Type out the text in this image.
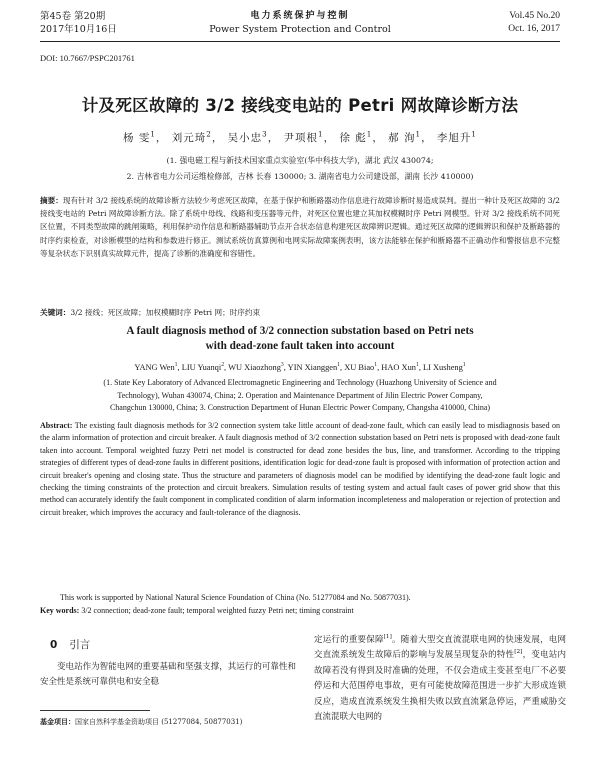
第45卷 第20期
2017年10月16日
电力系统保护与控制
Power System Protection and Control
Vol.45 No.20
Oct. 16, 2017
DOI: 10.7667/PSPC201761
计及死区故障的 3/2 接线变电站的 Petri 网故障诊断方法
杨 雯$^1$， 刘元琦$^2$， 吴小忠$^3$， 尹项根$^1$， 徐 彪$^1$， 郝 洵$^1$， 李旭升$^1$
(1. 强电磁工程与新技术国家重点实验室(华中科技大学)，湖北 武汉 430074;
2. 吉林省电力公司运维检修部，吉林 长春 130000; 3. 湖南省电力公司建设部，湖南 长沙 410000)
摘要：现有针对 3/2 接线系统的故障诊断方法较少考虑死区故障，在基于保护和断路器动作信息进行故障诊断时易造成误判。提出一种计及死区故障的 3/2 接线变电站的 Petri 网故障诊断方法。除了系统中母线、线路和变压器等元件，对死区位置也建立其加权模糊时序 Petri 网模型。针对 3/2 接线系统不同死区位置，不同类型故障的跳闸策略，利用保护动作信息和断路器辅助节点开合状态信息构建死区故障辨识逻辑。通过死区故障的逻辑辨识和保护及断路器的时序约束检查，对诊断模型的结构和参数进行修正。测试系统仿真算例和电网实际故障案例表明，该方法能够在保护和断路器不正确动作和警报信息不完整等复杂状态下识别真实故障元件，提高了诊断的准确度和容错性。
关键词：3/2 接线；死区故障；加权模糊时序 Petri 网；时序约束
A fault diagnosis method of 3/2 connection substation based on Petri nets
with dead-zone fault taken into account
YANG Wen$^1$, LIU Yuanqi$^2$, WU Xiaozhong$^3$, YIN Xianggen$^1$, XU Biao$^1$, HAO Xun$^1$, LI Xusheng$^1$
(1. State Key Laboratory of Advanced Electromagnetic Engineering and Technology (Huazhong University of Science and
Technology), Wuhan 430074, China; 2. Operation and Maintenance Department of Jilin Electric Power Company,
Changchun 130000, China; 3. Construction Department of Hunan Electric Power Company, Changsha 410000, China)
Abstract: The existing fault diagnosis methods for 3/2 connection system take little account of dead-zone fault, which can easily lead to misdiagnosis based on the alarm information of protection and circuit breaker. A fault diagnosis method of 3/2 connection substation based on Petri nets is proposed with dead-zone fault taken into account. Temporal weighted fuzzy Petri net model is constructed for dead zone besides the bus, line, and transformer. According to the tripping strategies of different types of dead-zone faults in different positions, identification logic for dead-zone fault is proposed with information of protection action and circuit breaker's opening and closing state. Thus the structure and parameters of diagnosis model can be modified by identifying the dead-zone fault logic and checking the timing constraints of the protection and circuit breakers. Simulation results of testing system and actual fault cases of power grid show that this method can accurately identify the fault component in complicated condition of alarm information incompleteness and maloperation or rejection of protection and circuit breaker, which improves the accuracy and fault-tolerance of the diagnosis.
This work is supported by National Natural Science Foundation of China (No. 51277084 and No. 50877031).
Key words: 3/2 connection; dead-zone fault; temporal weighted fuzzy Petri net; timing constraint
0 引言
变电站作为智能电网的重要基础和坚强支撑，其运行的可靠性和安全性是系统可靠供电和安全稳
定运行的重要保障[1]。随着大型交直流混联电网的快速发展，电网交直流系统发生故障后的影响与发展呈现复杂的特性[2]，变电站内故障若没有得到及时准确的处理，不仅会造成主变甚至电厂不必要停运和大范围停电事故，更有可能使故障范围进一步扩大形成连锁反应，造成直流系统发生换相失败以致直流紧急停运，严重威胁交直流混联大电网的
基金项目：国家自然科学基金资助项目 (51277084, 50877031)
